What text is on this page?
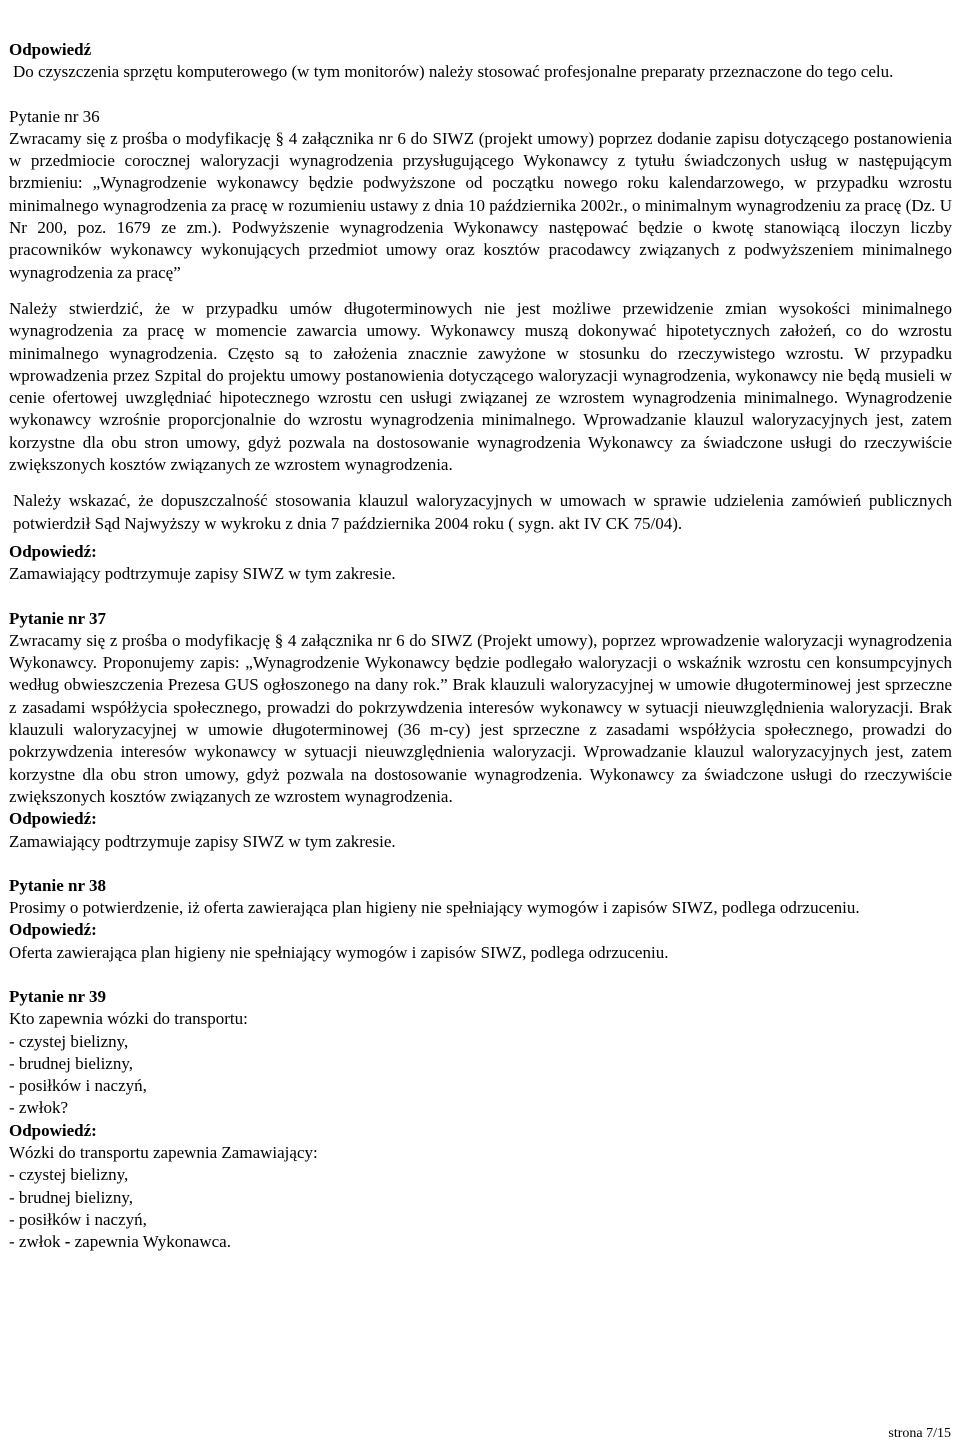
Odpowiedź

Do czyszczenia sprzętu komputerowego (w tym monitorów) należy stosować profesjonalne preparaty przeznaczone do tego celu.

Pytanie nr 36

Zwracamy się z prośba o modyfikację § 4 załącznika nr 6 do SIWZ (projekt umowy) poprzez dodanie zapisu dotyczącego postanowienia w przedmiocie corocznej waloryzacji wynagrodzenia przysługującego Wykonawcy z tytułu świadczonych usług w następującym brzmieniu: „Wynagrodzenie wykonawcy będzie podwyższone od początku nowego roku kalendarzowego, w przypadku wzrostu minimalnego wynagrodzenia za pracę w rozumieniu ustawy z dnia 10 października 2002r., o minimalnym wynagrodzeniu za pracę (Dz. U Nr 200, poz. 1679 ze zm.). Podwyższenie wynagrodzenia Wykonawcy następować będzie o kwotę stanowiącą iloczyn liczby pracowników wykonawcy wykonujących przedmiot umowy oraz kosztów pracodawcy związanych z podwyższeniem minimalnego wynagrodzenia za pracę”

Należy stwierdzić, że w przypadku umów długoterminowych nie jest możliwe przewidzenie zmian wysokości minimalnego wynagrodzenia za pracę w momencie zawarcia umowy. Wykonawcy muszą dokonywać hipotetycznych założeń, co do wzrostu minimalnego wynagrodzenia. Często są to założenia znacznie zawyżone w stosunku do rzeczywistego wzrostu. W przypadku wprowadzenia przez Szpital do projektu umowy postanowienia dotyczącego waloryzacji wynagrodzenia, wykonawcy nie będą musieli w cenie ofertowej uwzględniać hipotecznego wzrostu cen usługi związanej ze wzrostem wynagrodzenia minimalnego. Wynagrodzenie wykonawcy wzrośnie proporcjonalnie do wzrostu wynagrodzenia minimalnego. Wprowadzanie klauzul waloryzacyjnych jest, zatem korzystne dla obu stron umowy, gdyż pozwala na dostosowanie wynagrodzenia Wykonawcy za świadczone usługi do rzeczywiście zwiększonych kosztów związanych ze wzrostem wynagrodzenia.

Należy wskazać, że dopuszczalność stosowania klauzul waloryzacyjnych w umowach w sprawie udzielenia zamówień publicznych potwierdził Sąd Najwyższy w wykroku z dnia 7 października 2004 roku ( sygn. akt IV CK 75/04).

Odpowiedź:

Zamawiający podtrzymuje zapisy SIWZ w tym zakresie.

Pytanie nr 37

Zwracamy się z prośba o modyfikację § 4 załącznika nr 6 do SIWZ (Projekt umowy), poprzez wprowadzenie waloryzacji wynagrodzenia Wykonawcy. Proponujemy zapis: „Wynagrodzenie Wykonawcy będzie podlegało waloryzacji o wskaźnik wzrostu cen konsumpcyjnych według obwieszczenia Prezesa GUS ogłoszonego na dany rok.” Brak klauzuli waloryzacyjnej w umowie długoterminowej jest sprzeczne z zasadami współżycia społecznego, prowadzi do pokrzywdzenia interesów wykonawcy w sytuacji nieuwzględnienia waloryzacji. Brak klauzuli waloryzacyjnej w umowie długoterminowej (36 m-cy) jest sprzeczne z zasadami współżycia społecznego, prowadzi do pokrzywdzenia interesów wykonawcy w sytuacji nieuwzględnienia waloryzacji. Wprowadzanie klauzul waloryzacyjnych jest, zatem korzystne dla obu stron umowy, gdyż pozwala na dostosowanie wynagrodzenia. Wykonawcy za świadczone usługi do rzeczywiście zwiększonych kosztów związanych ze wzrostem wynagrodzenia.

Odpowiedź:

Zamawiający podtrzymuje zapisy SIWZ w tym zakresie.

Pytanie nr 38

Prosimy o potwierdzenie, iż oferta zawierająca plan higieny nie spełniający wymogów i zapisów SIWZ, podlega odrzuceniu.

Odpowiedź:

Oferta zawierająca plan higieny nie spełniający wymogów i zapisów SIWZ, podlega odrzuceniu.

Pytanie nr 39

Kto zapewnia wózki do transportu:

- czystej bielizny,

- brudnej bielizny,

- posiłków i naczyń,

- zwłok?

Odpowiedź:

Wózki do transportu zapewnia Zamawiający:

- czystej bielizny,

- brudnej bielizny,

- posiłków i naczyń,

- zwłok - zapewnia Wykonawca.

strona 7/15
